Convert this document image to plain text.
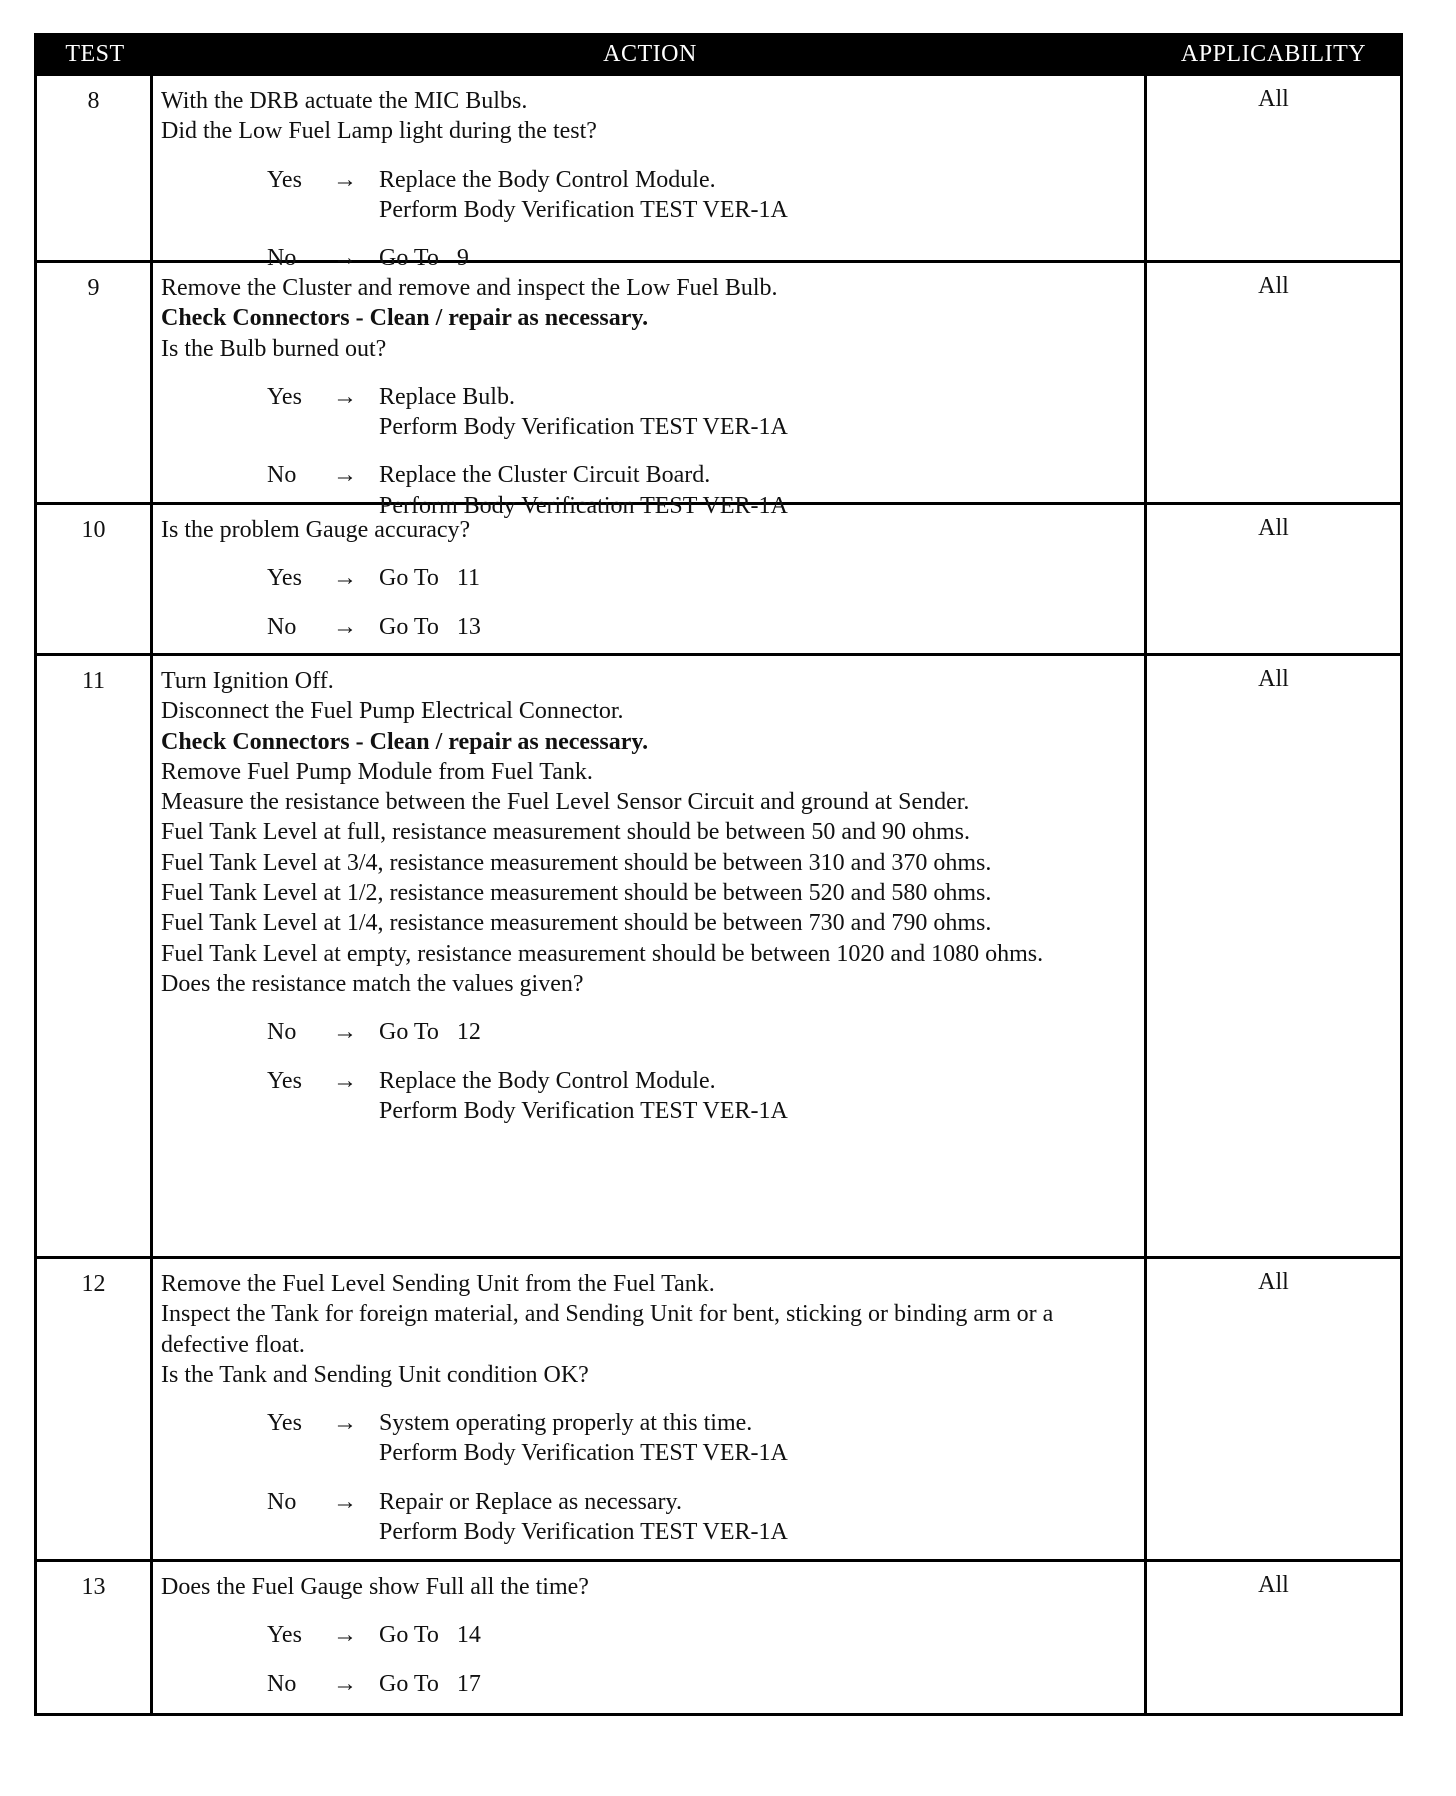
TEST	ACTION	APPLICABILITY
8	With the DRB actuate the MIC Bulbs.
Did the Low Fuel Lamp light during the test?
Yes	→ Replace the Body Control Module.
Perform Body Verification TEST VER-1A
No	→ Go To   9
All
9	Remove the Cluster and remove and inspect the Low Fuel Bulb.
Check Connectors - Clean / repair as necessary.
Is the Bulb burned out?
Yes	→ Replace Bulb.
Perform Body Verification TEST VER-1A
No	→ Replace the Cluster Circuit Board.
Perform Body Verification TEST VER-1A
All
10	Is the problem Gauge accuracy?
Yes	→ Go To   11
No	→ Go To   13
All
11	Turn Ignition Off.
Disconnect the Fuel Pump Electrical Connector.
Check Connectors - Clean / repair as necessary.
Remove Fuel Pump Module from Fuel Tank.
Measure the resistance between the Fuel Level Sensor Circuit and ground at Sender.
Fuel Tank Level at full, resistance measurement should be between 50 and 90 ohms.
Fuel Tank Level at 3/4, resistance measurement should be between 310 and 370 ohms.
Fuel Tank Level at 1/2, resistance measurement should be between 520 and 580 ohms.
Fuel Tank Level at 1/4, resistance measurement should be between 730 and 790 ohms.
Fuel Tank Level at empty, resistance measurement should be between 1020 and 1080 ohms.
Does the resistance match the values given?
No	→ Go To   12
Yes	→ Replace the Body Control Module.
Perform Body Verification TEST VER-1A
All
12	Remove the Fuel Level Sending Unit from the Fuel Tank.
Inspect the Tank for foreign material, and Sending Unit for bent, sticking or binding arm or a defective float.
Is the Tank and Sending Unit condition OK?
Yes	→ System operating properly at this time.
Perform Body Verification TEST VER-1A
No	→ Repair or Replace as necessary.
Perform Body Verification TEST VER-1A
All
13	Does the Fuel Gauge show Full all the time?
Yes	→ Go To   14
No	→ Go To   17
All
